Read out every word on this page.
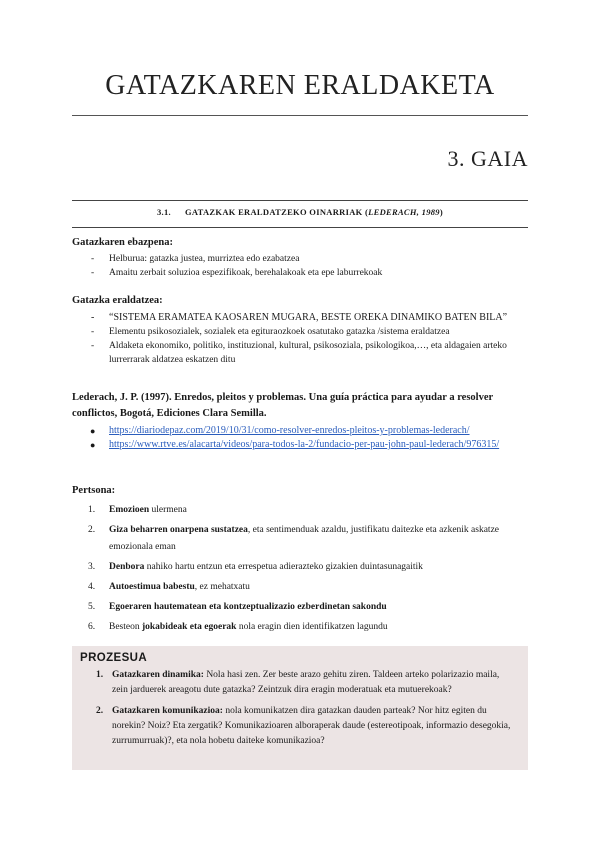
GATAZKAREN ERALDAKETA
3. GAIA
3.1. GATAZKAK ERALDATZEKO OINARRIAK (LEDERACH, 1989)
Gatazkaren ebazpena:
- Helburua: gatazka justea, murriztea edo ezabatzea
- Amaitu zerbait soluzioa espezifikoak, berehalakoak eta epe laburrekoak
Gatazka eraldatzea:
- “SISTEMA ERAMATEA KAOSAREN MUGARA, BESTE OREKA DINAMIKO BATEN BILA”
- Elementu psikosozialek, sozialek eta egituraozkoek osatutako gatazka /sistema eraldatzea
- Aldaketa ekonomiko, politiko, instituzional, kultural, psikosoziala, psikologikoa,…, eta aldagaien arteko lurrerrarak aldatzea eskatzen ditu
Lederach, J. P. (1997). Enredos, pleitos y problemas. Una guía práctica para ayudar a resolver conflictos, Bogotá, Ediciones Clara Semilla.
● https://diariodepaz.com/2019/10/31/como-resolver-enredos-pleitos-y-problemas-lederach/
● https://www.rtve.es/alacarta/videos/para-todos-la-2/fundacio-per-pau-john-paul-lederach/976315/
Pertsona:
1. Emozioen ulermena
2. Giza beharren onarpena sustatzea, eta sentimenduak azaldu, justifikatu daitezke eta azkenik askatze emozionala eman
3. Denbora nahiko hartu entzun eta errespetua adierazteko gizakien duintasunagaitik
4. Autoestimua babestu, ez mehatxatu
5. Egoeraren hautematean eta kontzeptualizazio ezberdinetan sakondu
6. Besteon jokabideak eta egoerak nola eragin dien identifikatzen lagundu
PROZESUA
1. Gatazkaren dinamika: Nola hasi zen. Zer beste arazo gehitu ziren. Taldeen arteko polarizazio maila, zein jarduerek areagotu dute gatazka? Zeintzuk dira eragin moderatuak eta mutuerekoak?
2. Gatazkaren komunikazioa: nola komunikatzen dira gatazkan dauden parteak? Nor hitz egiten du norekin? Noiz? Eta zergatik? Komunikazioaren alboraperak daude (estereotipoak, informazio desegokia, zurrumurruak)?, eta nola hobetu daiteke komunikazioa?
